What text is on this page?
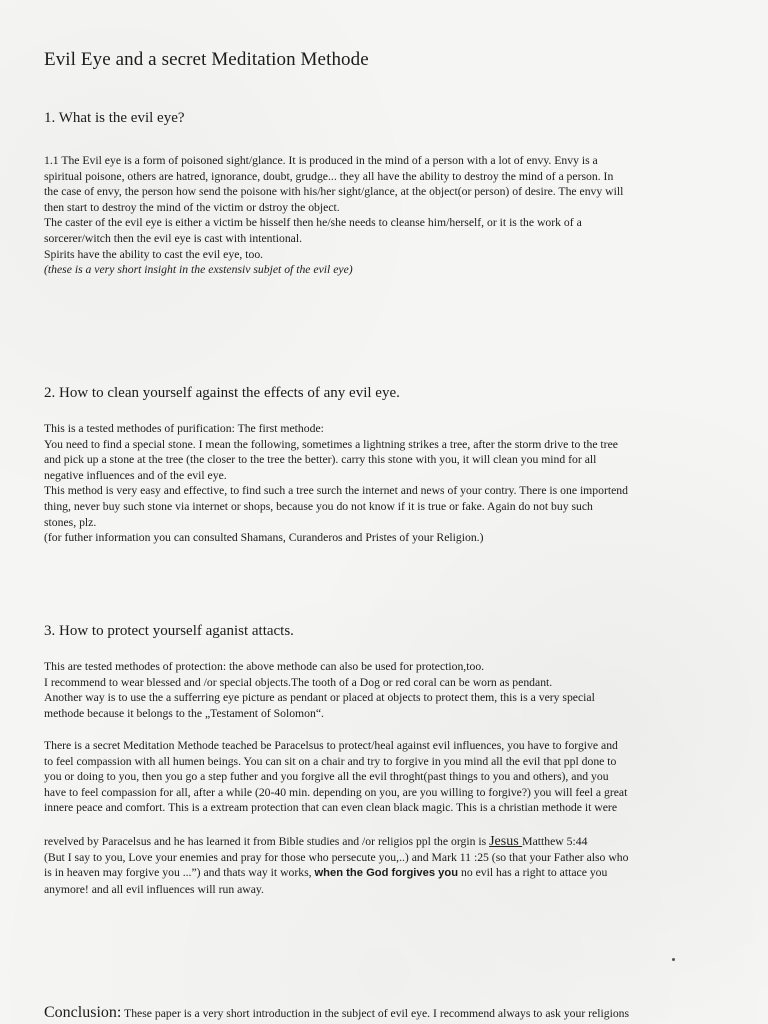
Evil Eye and a secret Meditation Methode
1. What is the evil eye?

1.1 The Evil eye is a form of poisoned sight/glance. It is produced in the mind of a person with a lot of envy. Envy is a
spiritual poisone, others are hatred, ignorance, doubt, grudge... they all have the ability to destroy the mind of a person. In
the case of envy, the person how send the poisone with his/her sight/glance, at the object(or person) of desire. The envy will
then start to destroy the mind of the victim or dstroy the object.
The caster of the evil eye is either a victim be hisself then he/she needs to cleanse him/herself, or it is the work of a
sorcerer/witch then the evil eye is cast with intentional.
Spirits have the ability to cast the evil eye, too.
(these is a very short insight in the exstensiv subjet of the evil eye)

2. How to clean yourself against the effects of any evil eye.

This is a tested methodes of purification: The first methode:
You need to find a special stone. I mean the following, sometimes a lightning strikes a tree, after the storm drive to the tree
and pick up a stone at the tree (the closer to the tree the better). carry this stone with you, it will clean you mind for all
negative influences and of the evil eye.
This method is very easy and effective, to find such a tree surch the internet and news of your contry. There is one importend
thing, never buy such stone via internet or shops, because you do not know if it is true or fake. Again do not buy such
stones, plz.
(for futher information you can consulted Shamans, Curanderos and Pristes of your Religion.)

3. How to protect yourself aganist attacts.

This are tested methodes of protection: the above methode can also be used for protection,too.
I recommend to wear blessed and /or special objects.The tooth of a Dog or red coral can be worn as pendant.
Another way is to use the a sufferring eye picture as pendant or placed at objects to protect them, this is a very special
methode because it belongs to the „Testament of Solomon“.

There is a secret Meditation Methode teached be Paracelsus to protect/heal against evil influences, you have to forgive and
to feel compassion with all humen beings. You can sit on a chair and try to forgive in you mind all the evil that ppl done to
you or doing to you, then you go a step futher and you forgive all the evil throght(past things to you and others), and you
have to feel compassion for all, after a while (20-40 min. depending on you, are you willing to forgive?) you will feel a great
innere peace and comfort. This is a extream protection that can even clean black magic. This is a christian methode it were

revelved by Paracelsus and he has learned it from Bible studies and /or religios ppl the orgin is Jesus Matthew 5:44
(But I say to you, Love your enemies and pray for those who persecute you,..) and Mark 11 :25 (so that your Father also who
is in heaven may forgive you ...”) and thats way it works, when the God forgives you no evil has a right to attace you
anymore! and all evil influences will run away.

Conclusion: These paper is a very short introduction in the subject of evil eye. I recommend always to ask your religions
